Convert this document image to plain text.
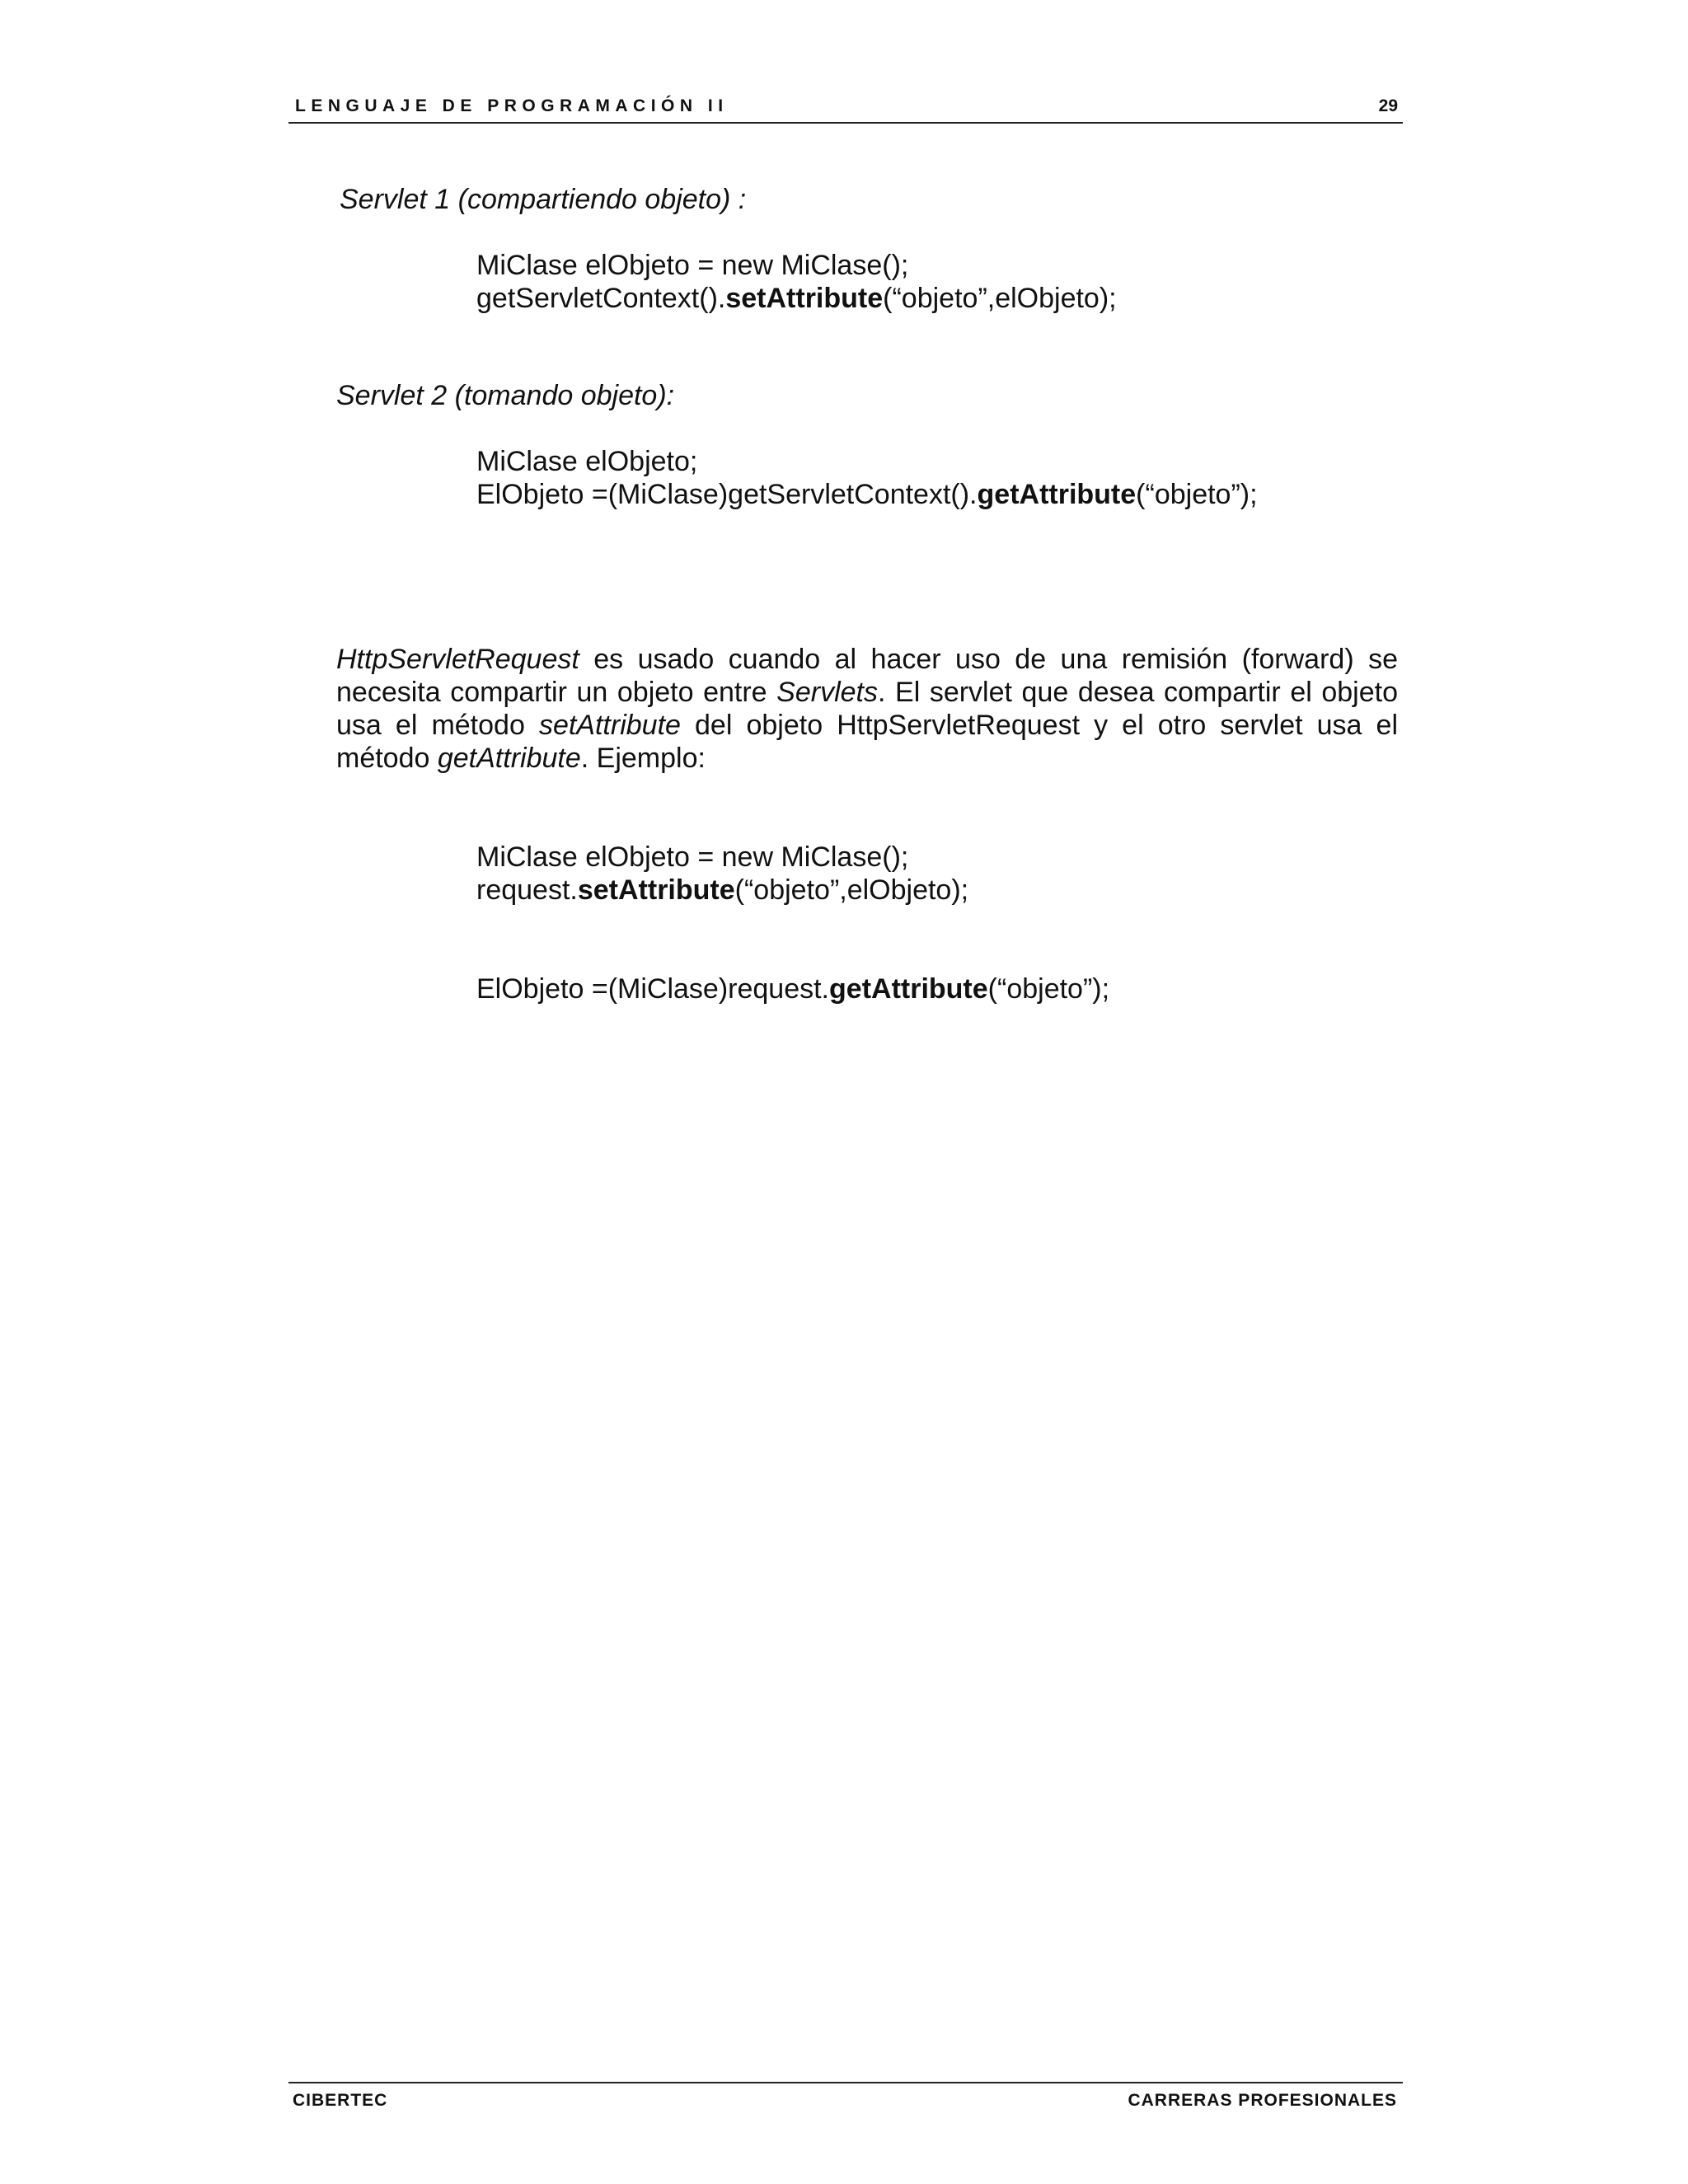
LENGUAJE DE PROGRAMACIÓN II	29
Servlet 1 (compartiendo objeto) :
MiClase elObjeto = new MiClase();
getServletContext().setAttribute(“objeto”,elObjeto);
Servlet 2 (tomando objeto):
MiClase elObjeto;
ElObjeto =(MiClase)getServletContext().getAttribute(“objeto”);
HttpServletRequest es usado cuando al hacer uso de una remisión (forward) se necesita compartir un objeto entre Servlets. El servlet que desea compartir el objeto usa el método setAttribute del objeto HttpServletRequest y el otro servlet usa el método getAttribute. Ejemplo:
MiClase elObjeto = new MiClase();
request.setAttribute(“objeto”,elObjeto);
ElObjeto =(MiClase)request.getAttribute(“objeto”);
CIBERTEC	CARRERAS PROFESIONALES
